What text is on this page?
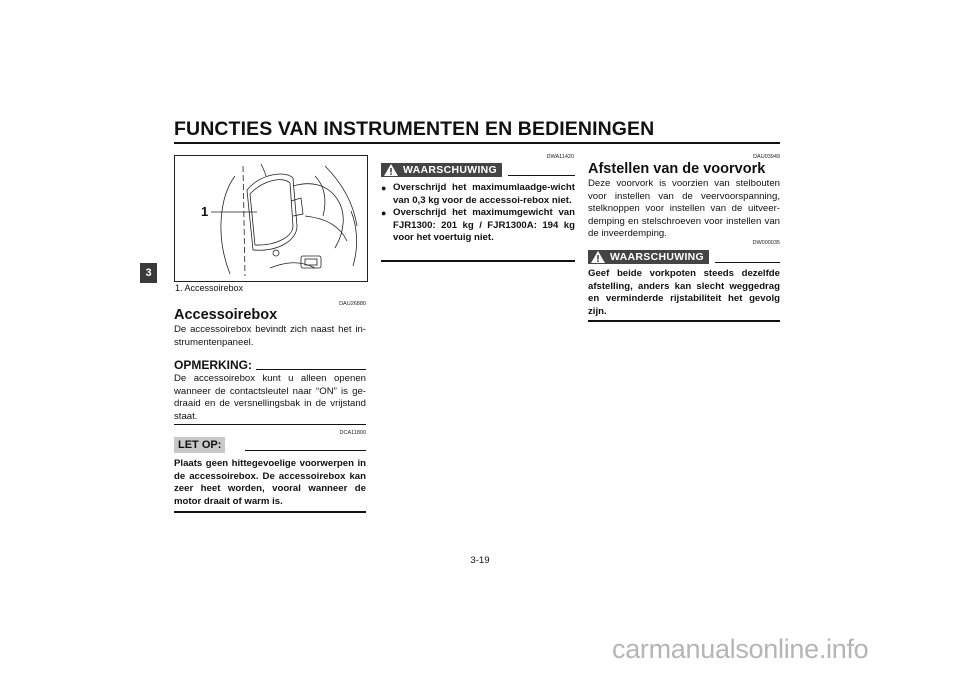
FUNCTIES VAN INSTRUMENTEN EN BEDIENINGEN
3
1
1. Accessoirebox
DAU26880
Accessoirebox
De accessoirebox bevindt zich naast het in-strumentenpaneel.
OPMERKING:
De accessoirebox kunt u alleen openen wanneer de contactsleutel naar “ON” is ge-draaid en de versnellingsbak in de vrijstand staat.
DCA11800
LET OP:
Plaats geen hittegevoelige voorwerpen in de accessoirebox. De accessoirebox kan zeer heet worden, vooral wanneer de motor draait of warm is.
DWA11420
WAARSCHUWING
● Overschrijd het maximumlaadge-wicht van 0,3 kg voor de accessoi-rebox niet.
● Overschrijd het maximumgewicht van FJR1300: 201 kg / FJR1300A: 194 kg voor het voertuig niet.
DAU03949
Afstellen van de voorvork
Deze voorvork is voorzien van stelbouten voor instellen van de veervoorspanning, stelknoppen voor instellen van de uitveer-demping en stelschroeven voor instellen van de inveerdemping.
DW000035
WAARSCHUWING
Geef beide vorkpoten steeds dezelfde afstelling, anders kan slecht weggedrag en verminderde rijstabiliteit het gevolg zijn.
3-19
carmanualsonline.info
